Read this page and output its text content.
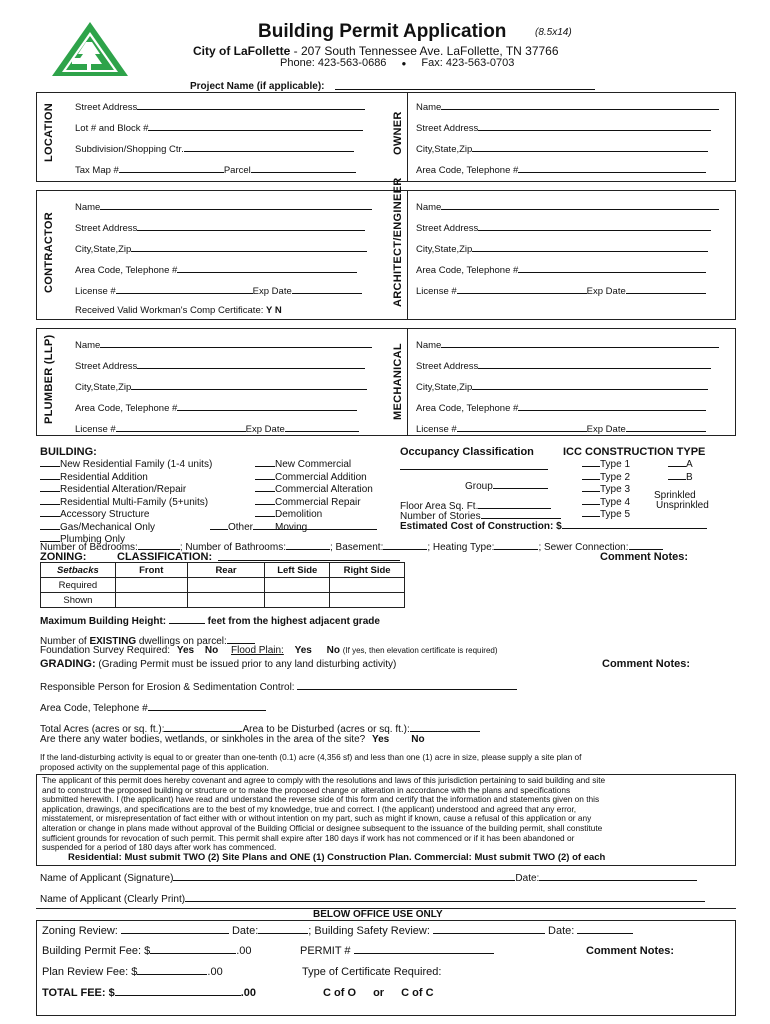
Building Permit Application	(8.5x14)
City of LaFollette - 207 South Tennessee Ave. LaFollette, TN 37766
Phone: 423-563-0686 ● Fax: 423-563-0703
Project Name (if applicable):
LOCATION	OWNER
Street Address
Lot # and Block #
Subdivision/Shopping Ctr.
Tax Map #	Parcel
Name
Street Address
City,State,Zip
Area Code, Telephone #
CONTRACTOR	ARCHITECT/ENGINEER
Name
Street Address
City,State,Zip
Area Code, Telephone #
License #	Exp Date
Received Valid Workman's Comp Certificate: Y N
Name
Street Address
City,State,Zip
Area Code, Telephone #
License #	Exp Date
PLUMBER (LLP)	MECHANICAL
Name
Street Address
City,State,Zip
Area Code, Telephone #
License #	Exp Date
Name
Street Address
City,State,Zip
Area Code, Telephone #
License #	Exp Date
BUILDING:
New Residential Family (1-4 units)
Residential Addition
Residential Alteration/Repair
Residential Multi-Family (5+units)
Accessory Structure
Gas/Mechanical Only
Plumbing Only
New Commercial
Commercial Addition
Commercial Alteration
Commercial Repair
Demolition
Moving
Other
Occupancy Classification
Group
Floor Area Sq. Ft.
Number of Stories
Estimated Cost of Construction: $
ICC CONSTRUCTION TYPE
Type 1
Type 2
Type 3
Type 4
Type 5
A
B
Sprinkled
Unsprinkled
Number of Bedrooms:	; Number of Bathrooms:	; Basement:	; Heating Type:	; Sewer Connection:
ZONING:	CLASSIFICATION:	Comment Notes:
Setbacks	Front	Rear	Left Side	Right Side
Required				
Shown				
Maximum Building Height:	feet from the highest adjacent grade
Number of EXISTING dwellings on parcel:
Foundation Survey Required: Yes No Flood Plain: Yes No (If yes, then elevation certificate is required)
GRADING: (Grading Permit must be issued prior to any land disturbing activity)	Comment Notes:
Responsible Person for Erosion & Sedimentation Control:
Area Code, Telephone #
Total Acres (acres or sq. ft.):	Area to be Disturbed (acres or sq. ft.):
Are there any water bodies, wetlands, or sinkholes in the area of the site? Yes No
If the land-disturbing activity is equal to or greater than one-tenth (0.1) acre (4,356 sf) and less than one (1) acre in size, please supply a site plan of
proposed activity on the supplemental page of this application.
The applicant of this permit does hereby covenant and agree to comply with the resolutions and laws of this jurisdiction pertaining to said building and site
and to construct the proposed building or structure or to make the proposed change or alteration in accordance with the plans and specifications
submitted herewith. I (the applicant) have read and understand the reverse side of this form and certify that the information and statements given on this
application, drawings, and specifications are to the best of my knowledge, true and correct. I (the applicant) understood and agreed that any error,
misstatement, or misrepresentation of fact either with or without intention on my part, such as might if known, cause a refusal of this application or any
alteration or change in plans made without approval of the Building Official or designee subsequent to the issuance of the building permit, shall constitute
sufficient grounds for revocation of such permit. This permit shall expire after 180 days if work has not commenced or if it has been abandoned or
suspended for a period of 180 days after work has commenced.
Residential: Must submit TWO (2) Site Plans and ONE (1) Construction Plan. Commercial: Must submit TWO (2) of each
Name of Applicant (Signature)	Date:
Name of Applicant (Clearly Print)
BELOW OFFICE USE ONLY
Zoning Review:	Date:	; Building Safety Review:	Date:
Building Permit Fee: $	.00	PERMIT #	Comment Notes:
Plan Review Fee: $	.00	Type of Certificate Required:
TOTAL FEE: $	.00	C of O or C of C
